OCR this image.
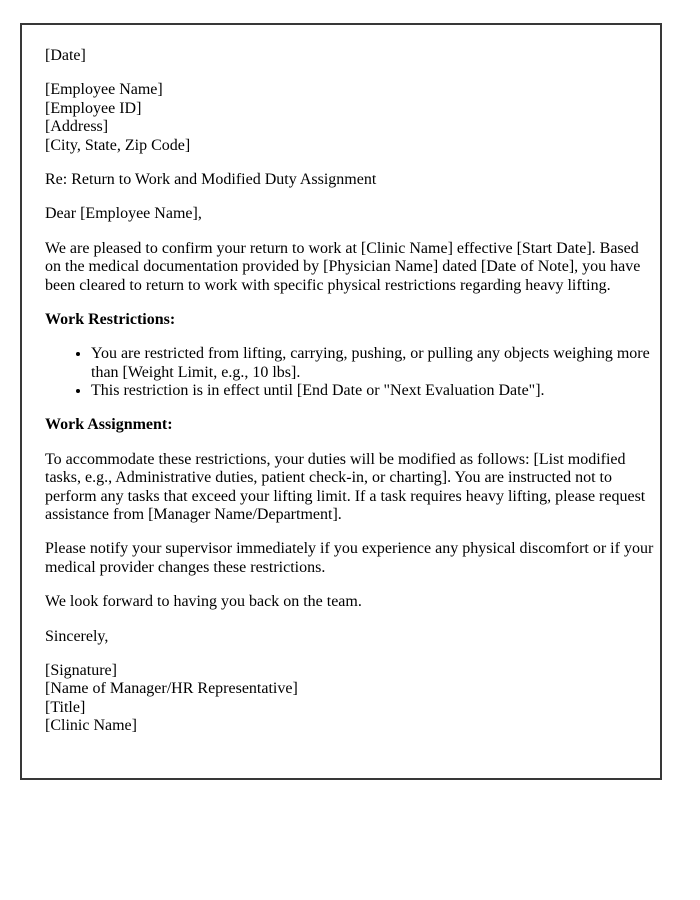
[Date]

[Employee Name]
[Employee ID]
[Address]
[City, State, Zip Code]

Re: Return to Work and Modified Duty Assignment

Dear [Employee Name],

We are pleased to confirm your return to work at [Clinic Name] effective [Start Date]. Based on the medical documentation provided by [Physician Name] dated [Date of Note], you have been cleared to return to work with specific physical restrictions regarding heavy lifting.

Work Restrictions:

• You are restricted from lifting, carrying, pushing, or pulling any objects weighing more than [Weight Limit, e.g., 10 lbs].
• This restriction is in effect until [End Date or "Next Evaluation Date"].

Work Assignment:

To accommodate these restrictions, your duties will be modified as follows: [List modified tasks, e.g., Administrative duties, patient check-in, or charting]. You are instructed not to perform any tasks that exceed your lifting limit. If a task requires heavy lifting, please request assistance from [Manager Name/Department].

Please notify your supervisor immediately if you experience any physical discomfort or if your medical provider changes these restrictions.

We look forward to having you back on the team.

Sincerely,

[Signature]
[Name of Manager/HR Representative]
[Title]
[Clinic Name]
